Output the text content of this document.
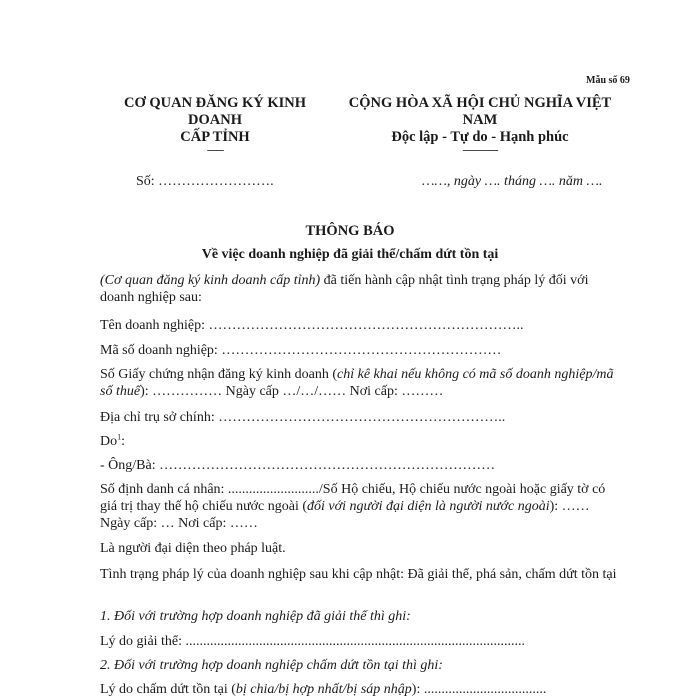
Mẫu số 69
CƠ QUAN ĐĂNG KÝ KINH
DOANH
CẤP TỈNH
-------
CỘNG HÒA XÃ HỘI CHỦ NGHĨA VIỆT
NAM
Độc lập - Tự do - Hạnh phúc
---------------
Số: …………………….	……, ngày …. tháng …. năm ….
THÔNG BÁO
Về việc doanh nghiệp đã giải thể/chấm dứt tồn tại
(Cơ quan đăng ký kinh doanh cấp tỉnh) đã tiến hành cập nhật tình trạng pháp lý đối với doanh nghiệp sau:
Tên doanh nghiệp: …………………………………………………………..
Mã số doanh nghiệp: ……………………………………………………
Số Giấy chứng nhận đăng ký kinh doanh (chỉ kê khai nếu không có mã số doanh nghiệp/mã số thuế): …………… Ngày cấp …/…/…… Nơi cấp: ………
Địa chỉ trụ sở chính: ……………………………………………………..
Do$^1$:
- Ông/Bà: ………………………………………………………………
Số định danh cá nhân: ........................../Số Hộ chiếu, Hộ chiếu nước ngoài hoặc giấy tờ có giá trị thay thế hộ chiếu nước ngoài (đối với người đại diện là người nước ngoài): …… Ngày cấp: … Nơi cấp: ……
Là người đại diện theo pháp luật.
Tình trạng pháp lý của doanh nghiệp sau khi cập nhật: Đã giải thể, phá sản, chấm dứt tồn tại
1. Đối với trường hợp doanh nghiệp đã giải thể thì ghi:
Lý do giải thể: .................................................................................................
2. Đối với trường hợp doanh nghiệp chấm dứt tồn tại thì ghi:
Lý do chấm dứt tồn tại (bị chia/bị hợp nhất/bị sáp nhập): ...................................
